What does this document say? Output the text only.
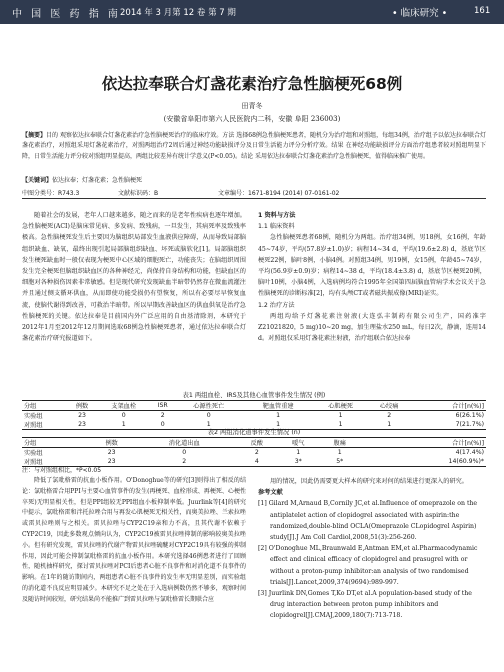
中 国 医 药 指 南 2014 年 3 月第 12 卷 第 7 期	• 临床研究 •	161
依达拉奉联合灯盏花素治疗急性脑梗死68例
田青冬
(安徽省阜阳市第六人民医院内二科，安徽 阜阳 236003)
【摘要】目的 观察依达拉奉联合灯盏花素治疗急性脑梗死治疗的临床疗效。方法 选择68例急性脑梗死患者，随机分为治疗组和对照组，每组34例，治疗组予以依达拉奉联合灯盏花素治疗，对照组采用灯盏花素治疗，对照两组治疗2周后通过神经功能缺损评分及日常生活能力评分分析疗效。结果 在神经功能缺损评分方面治疗组患者较对照组明显下降，日常生活能力评分较对照组明显提高，两组比较差异有统计学意义(P<0.05)。结论 采用依达拉奉联合灯盏花素治疗急性脑梗死，值得临床推广使用。
【关键词】依达拉奉；灯盏花素；急性脑梗死
中图分类号：R743.3	文献标识码：B	文章编号：1671-8194 (2014) 07-0161-02

随着社会的发展，老年人口越来越多，随之而来的是老年性疾病也逐年增加。急性脑梗死(ACI)是脑床常见病、多发病、致残病，一旦发生，其病死率及致残率极高。急性脑梗死发生后主要因为脑组织局部发生血液供应障碍，从而导致局部脑组织缺血、缺氧，最终出现引起局部脑组织缺血、坏死或脑软化[1]。局部脑组织发生梗死缺血时一般仅表现为梗死中心区域的细胞死亡，功能丧失；在脑组织周围发生完全梗死但脑组织缺血区的各种神经元，尚保持自身结构和功能，但缺血区的细胞对各种损伤因素非常敏感。但是现代研究发现缺血半暗带仍然存在微血流灌注并且通过侧支循环供血，从而即使功能受损仍有望恢复，所以有必要尽早恢复血流，使脑代谢得到改善，可救治半暗带。所以早期改善缺血区的供血供氧是治疗急性脑梗死的关键。依达拉奉是目前国内外广泛应用的自由基清除剂，本研究于2012年1月至2012年12月期间选取68例急性脑梗死患者，通过依达拉奉联合灯盏花素治疗研究报道如下。

1 资料与方法
1.1 临床资料

急性脑梗死患者68例，随机分为两组。治疗组34例，男18例，女16例，年龄45~74岁，平均(57.8岁±1.0)岁；病程14~34 d，平均(19.6±2.8) d，基底节区梗死22例，脑叶8例，小脑4例。对照组34例，男19例，女15例，年龄45~74岁，平均(56.9岁±0.9)岁；病程14~38 d，平均(18.4±3.8) d，基底节区梗死20例，脑叶10例，小脑4例，入选病例均符合1995年全国第四届脑血管病学术会议关于急性脑梗死的诊断标准[2]，均有头颅CT或者磁共振成像(MRI)证实。

1.2 治疗方法

两组均给予灯盏花素注射液(大连弘丰制药有限公司生产，国药准字Z21021820，5 mg)10~20 mg，加生理盐水250 mL，每日2次，静滴，连用14 d。对照组仅采用灯盏花素注射液，治疗组联合依达拉奉

表1 两组血栓、IRS及其他心血管事件发生情况 (例)
分组	例数	支架血栓	ISR	心源性死亡	靶血管重建	心肌梗死	心绞痛	合计[n(%)]
实验组	23	0	2	0	1	1	2	6(26.1%)
对照组	23	1	0	1	1	1	1	7(21.7%)
表2 两组消化道事件发生情况 (n)
分组	例数	消化道出血	反酸	嗳气	腹痛	合计[n(%)]
实验组	23	0	2	1	1	4(17.4%)
对照组	23	2	4	3*	5*	14(60.9%)*
注：与对照组相比，*P<0.05

降低了氯吡格雷的抗血小板作用。O'Donoghue等的研究[3]则得出了相反的结论：氯吡格雷合用PPI与主要心血管事件的发生(再梗死、血栓形成、再梗死、心梗性卒死)无明显相关性，但是PPI组较无PPI组血小板抑制率低。Juurlink等[4]的研究中提示，氯吡格雷和泮托拉唑合用与再发心肌梗死无相关性，而奥美拉唑、兰索拉唑或雷贝拉唑则与之相关。雷贝拉唑与CYP2C19亲和力不高，且其代谢不依赖于CYP2C19，因此多数观点倾向认为，CYP2C19被雷贝拉唑抑制的影响较奥美拉唑小。但有研究发现，雷贝拉唑的代谢产物雷贝拉唑硫醚对CYP2C19具有较强的抑制作用，因此可能会抑制氯吡格雷的抗血小板作用。本研究选择46例患者进行了回顾性，随机抽样研究，探讨雷贝拉唑对PCI后患者心脏不良事件和对消化道不良事件的影响。在1年的随访期间内，两组患者心脏不良事件的发生率无明显差别，而实验组的消化道不良反应明显减少。本研究不足之处在于入选病例数仍然不够多，观察时间及随访时间较短，研究结果尚不能推广到雷贝拉唑与氯吡格雷长期联合应

用的情况，因此仍需要更大样本的研究来对何的结果进行更深入的研究。

参考文献
[1] Gilard M,Arnaud B,Cornily JC,et al.Influence of omeprazole on the antiplatelet action of clopidogrel associated with aspirin:the randomized,double-blind OCLA(Omeprazole CLopidogrel Aspirin) study[J].J Am Coll Cardiol,2008,51(3):256-260.
[2] O'Donoghue ML,Braunwald E,Antman EM,et al.Pharmacodynamic effect and clinical efficacy of clopidogrel and prasugrel with or without a proton-pump inhibitor:an analysis of two randomised trials[J].Lancet,2009,374(9694):989-997.
[3] Juurlink DN,Gomes T,Ko DT,et al.A population-based study of the drug interaction between proton pump inhibitors and clopidogrel[J].CMAJ,2009,180(7):713-718.
